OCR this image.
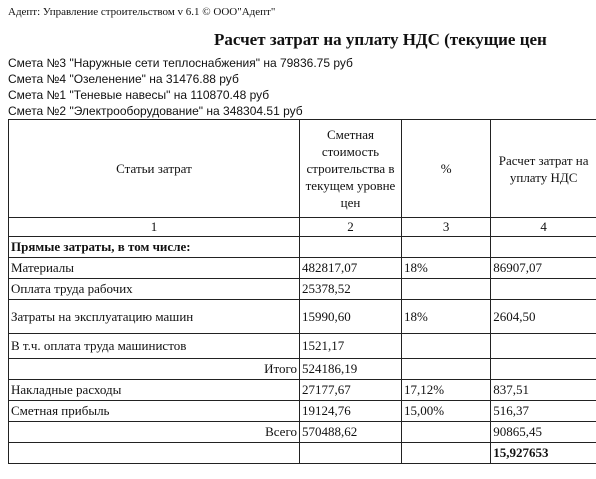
Адепт: Управление строительством v 6.1 © ООО"Адепт"
Расчет затрат на уплату НДС (текущие цен
Смета №3 "Наружные сети теплоснабжения" на 79836.75 руб
Смета №4 "Озеленение" на 31476.88 руб
Смета №1 "Теневые навесы" на 110870.48 руб
Смета №2 "Электрооборудование" на 348304.51 руб
Статьи затрат	Сметная стоимость строительства в текущем уровне цен	%	Расчет затрат на уплату НДС
1	2	3	4
Прямые затраты, в том числе:			
Материалы	482817,07	18%	86907,07
Оплата труда рабочих	25378,52		
Затраты на эксплуатацию машин	15990,60	18%	2604,50
В т.ч. оплата труда машинистов	1521,17		
Итого	524186,19		
Накладные расходы	27177,67	17,12%	837,51
Сметная прибыль	19124,76	15,00%	516,37
Всего	570488,62		90865,45
			15,927653
